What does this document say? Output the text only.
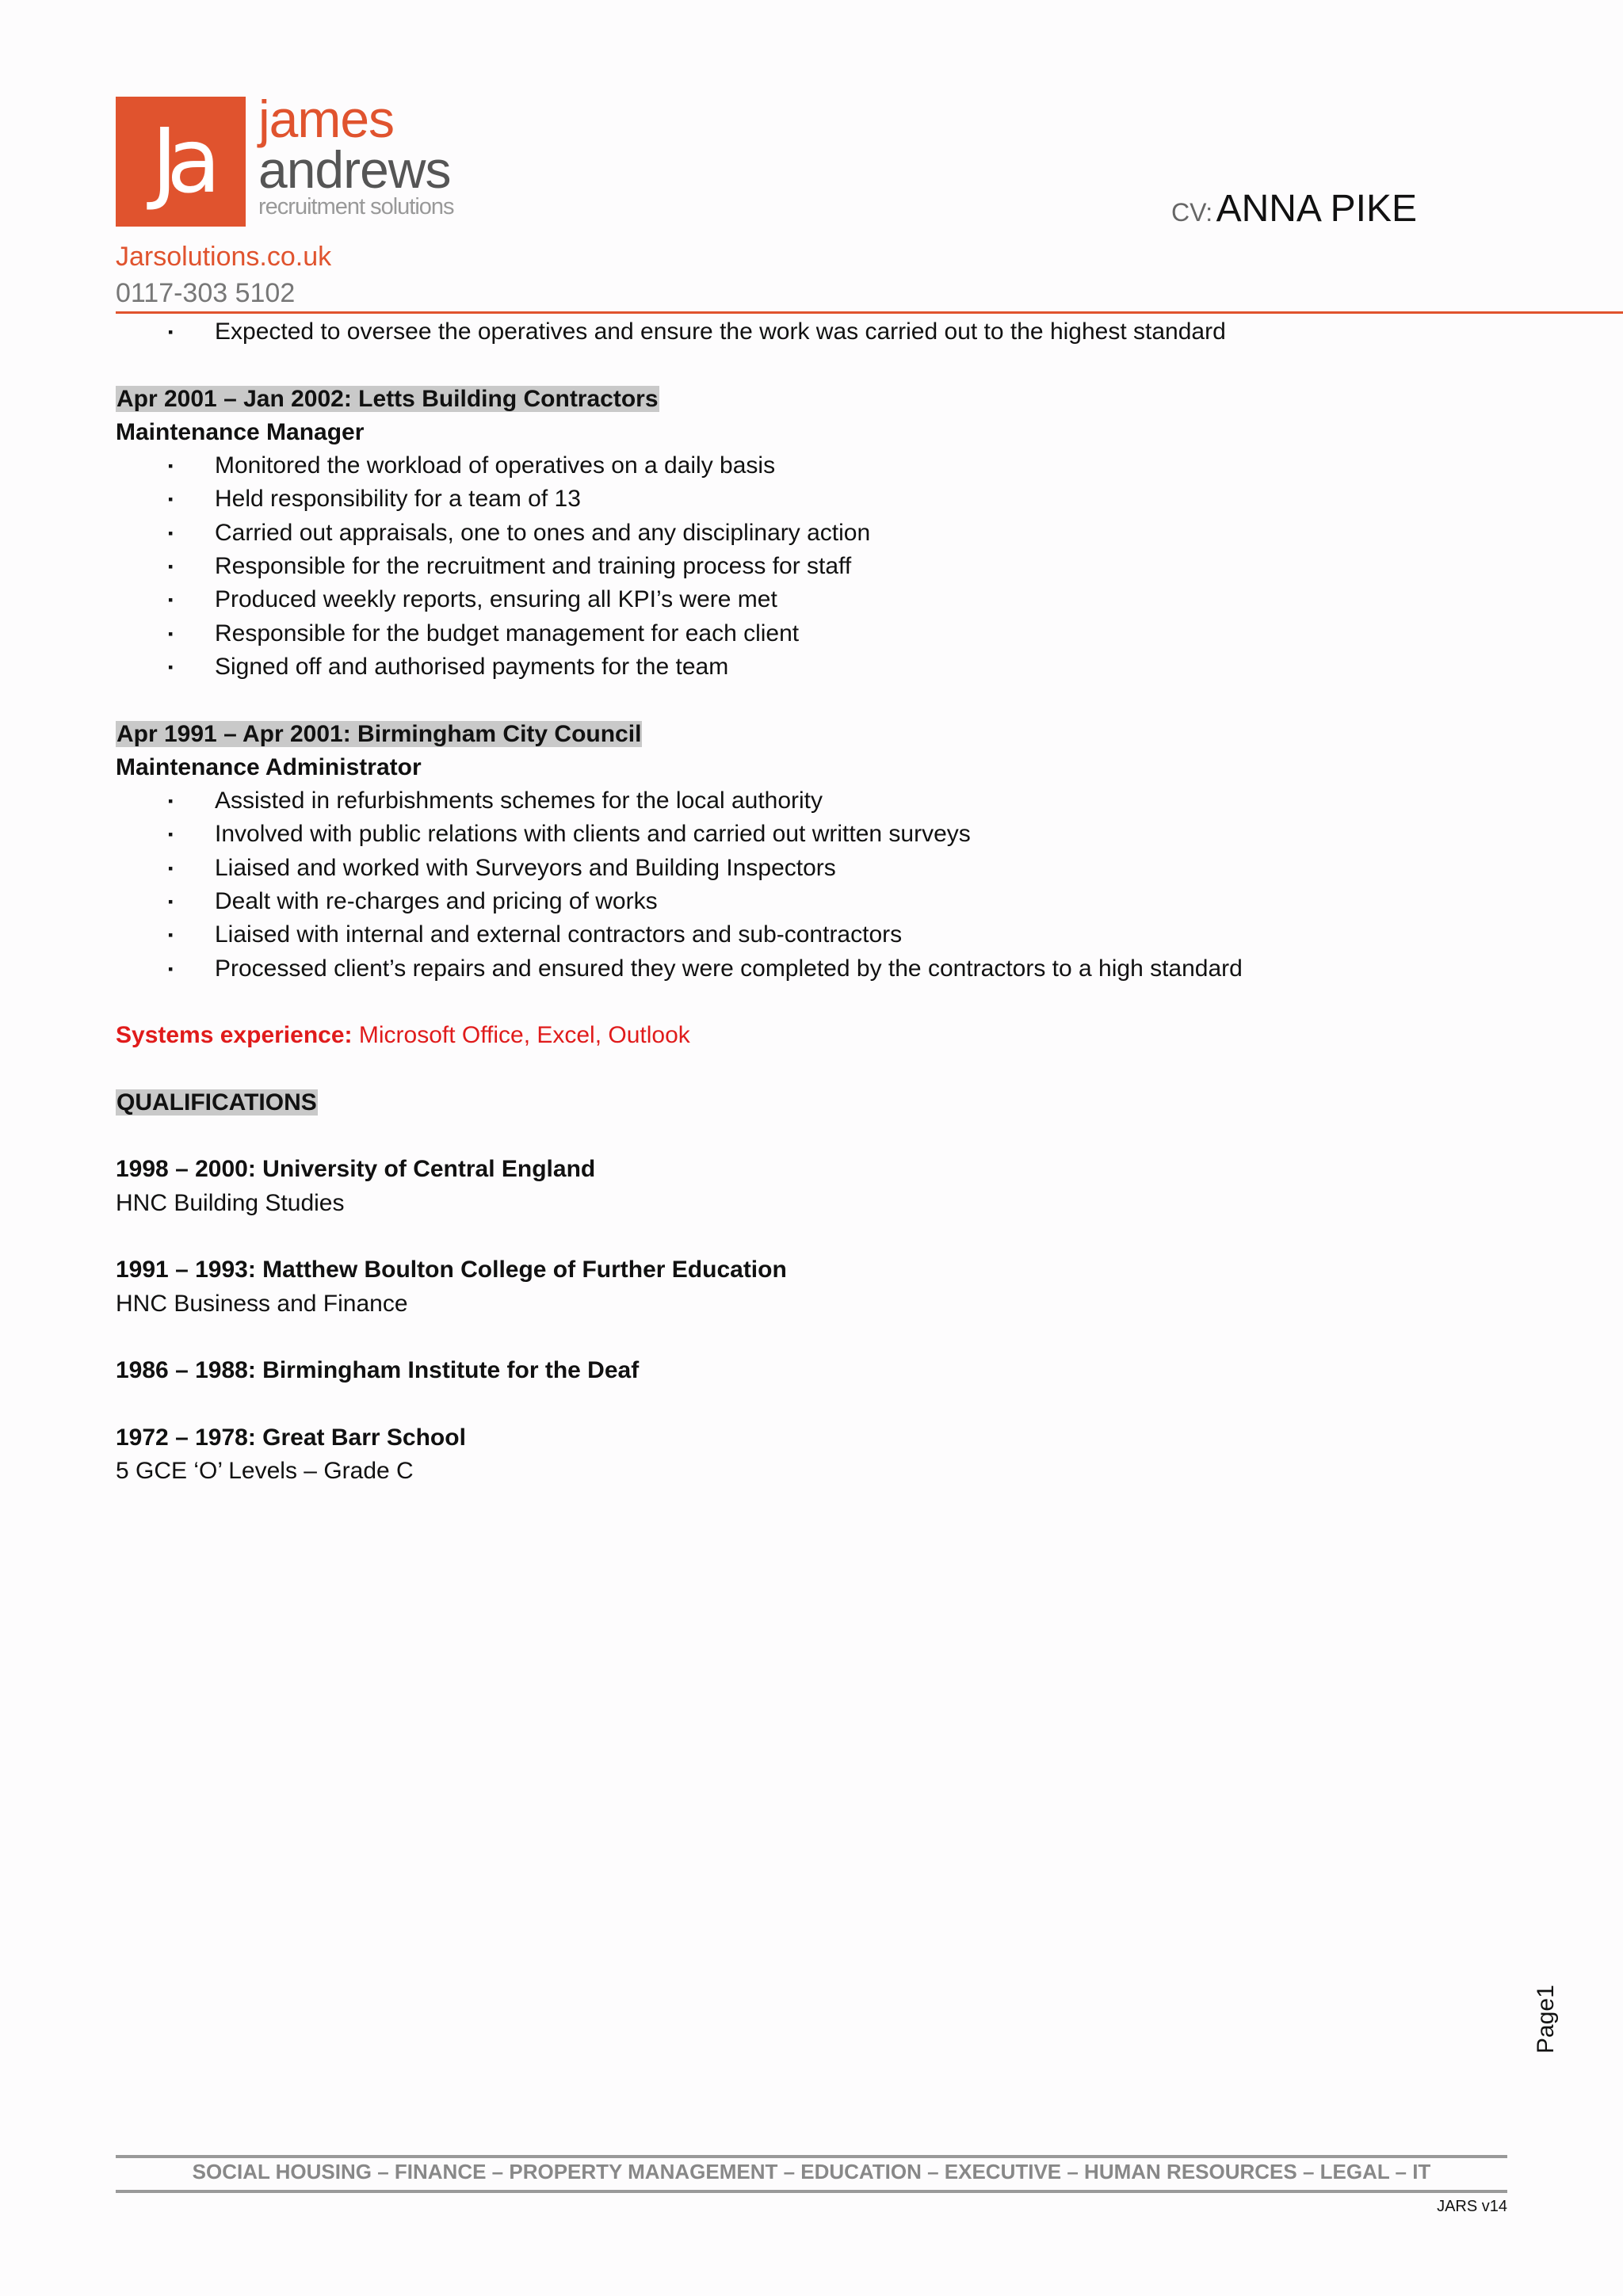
Ja james
andrews
recruitment solutions	CV: ANNA PIKE
Jarsolutions.co.uk
0117-303 5102
▪	Expected to oversee the operatives and ensure the work was carried out to the highest standard
Apr 2001 – Jan 2002: Letts Building Contractors
Maintenance Manager
▪	Monitored the workload of operatives on a daily basis
▪	Held responsibility for a team of 13
▪	Carried out appraisals, one to ones and any disciplinary action
▪	Responsible for the recruitment and training process for staff
▪	Produced weekly reports, ensuring all KPI’s were met
▪	Responsible for the budget management for each client
▪	Signed off and authorised payments for the team
Apr 1991 – Apr 2001: Birmingham City Council
Maintenance Administrator
▪	Assisted in refurbishments schemes for the local authority
▪	Involved with public relations with clients and carried out written surveys
▪	Liaised and worked with Surveyors and Building Inspectors
▪	Dealt with re-charges and pricing of works
▪	Liaised with internal and external contractors and sub-contractors
▪	Processed client’s repairs and ensured they were completed by the contractors to a high standard
Systems experience: Microsoft Office, Excel, Outlook
QUALIFICATIONS
1998 – 2000: University of Central England
HNC Building Studies
1991 – 1993: Matthew Boulton College of Further Education
HNC Business and Finance
1986 – 1988: Birmingham Institute for the Deaf
1972 – 1978: Great Barr School
5 GCE ‘O’ Levels – Grade C
Page1
SOCIAL HOUSING – FINANCE – PROPERTY MANAGEMENT – EDUCATION – EXECUTIVE – HUMAN RESOURCES – LEGAL – IT
JARS v14
